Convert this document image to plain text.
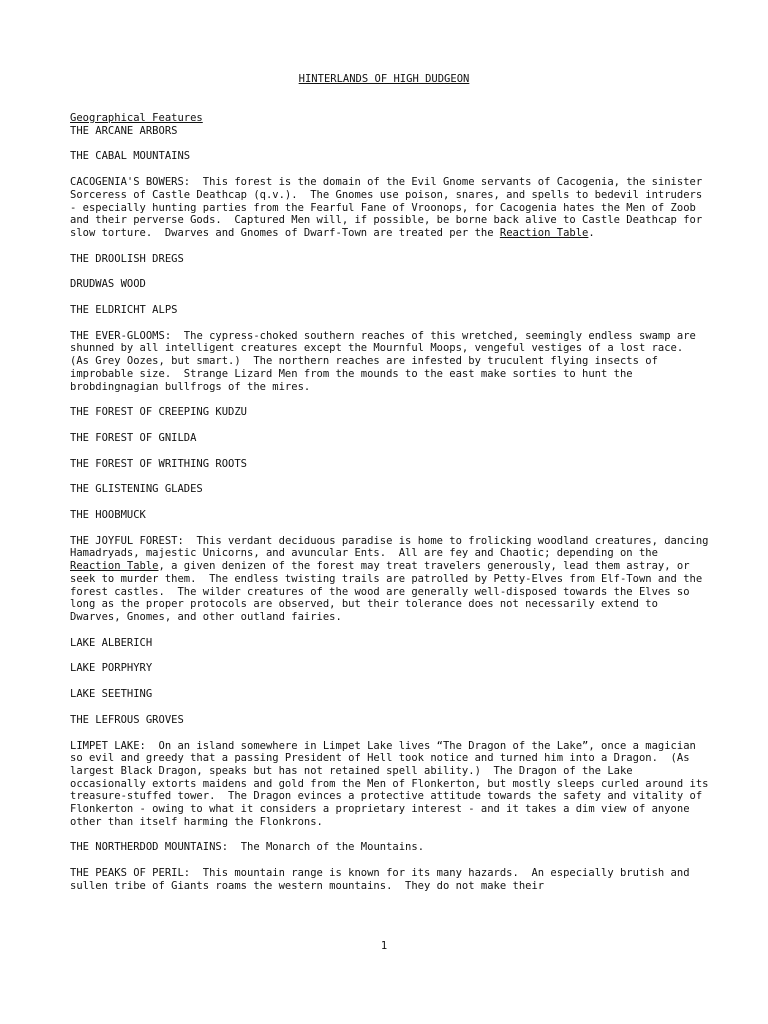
HINTERLANDS OF HIGH DUDGEON
Geographical Features

THE ARCANE ARBORS

THE CABAL MOUNTAINS

CACOGENIA'S BOWERS:  This forest is the domain of the Evil Gnome servants of Cacogenia, the sinister Sorceress of Castle Deathcap (q.v.).  The Gnomes use poison, snares, and spells to bedevil intruders - especially hunting parties from the Fearful Fane of Vroonops, for Cacogenia hates the Men of Zoob and their perverse Gods.  Captured Men will, if possible, be borne back alive to Castle Deathcap for slow torture.  Dwarves and Gnomes of Dwarf-Town are treated per the Reaction Table.

THE DROOLISH DREGS

DRUDWAS WOOD

THE ELDRICHT ALPS

THE EVER-GLOOMS:  The cypress-choked southern reaches of this wretched, seemingly endless swamp are shunned by all intelligent creatures except the Mournful Moops, vengeful vestiges of a lost race.  (As Grey Oozes, but smart.)  The northern reaches are infested by truculent flying insects of improbable size.  Strange Lizard Men from the mounds to the east make sorties to hunt the brobdingnagian bullfrogs of the mires.

THE FOREST OF CREEPING KUDZU

THE FOREST OF GNILDA

THE FOREST OF WRITHING ROOTS

THE GLISTENING GLADES

THE HOOBMUCK

THE JOYFUL FOREST:  This verdant deciduous paradise is home to frolicking woodland creatures, dancing Hamadryads, majestic Unicorns, and avuncular Ents.  All are fey and Chaotic; depending on the Reaction Table, a given denizen of the forest may treat travelers generously, lead them astray, or seek to murder them.  The endless twisting trails are patrolled by Petty-Elves from Elf-Town and the forest castles.  The wilder creatures of the wood are generally well-disposed towards the Elves so long as the proper protocols are observed, but their tolerance does not necessarily extend to Dwarves, Gnomes, and other outland fairies.

LAKE ALBERICH

LAKE PORPHYRY

LAKE SEETHING

THE LEFROUS GROVES

LIMPET LAKE:  On an island somewhere in Limpet Lake lives “The Dragon of the Lake”, once a magician so evil and greedy that a passing President of Hell took notice and turned him into a Dragon.  (As largest Black Dragon, speaks but has not retained spell ability.)  The Dragon of the Lake occasionally extorts maidens and gold from the Men of Flonkerton, but mostly sleeps curled around its treasure-stuffed tower.  The Dragon evinces a protective attitude towards the safety and vitality of Flonkerton - owing to what it considers a proprietary interest - and it takes a dim view of anyone other than itself harming the Flonkrons.

THE NORTHERDOD MOUNTAINS:  The Monarch of the Mountains.

THE PEAKS OF PERIL:  This mountain range is known for its many hazards.  An especially brutish and sullen tribe of Giants roams the western mountains.  They do not make their

1
